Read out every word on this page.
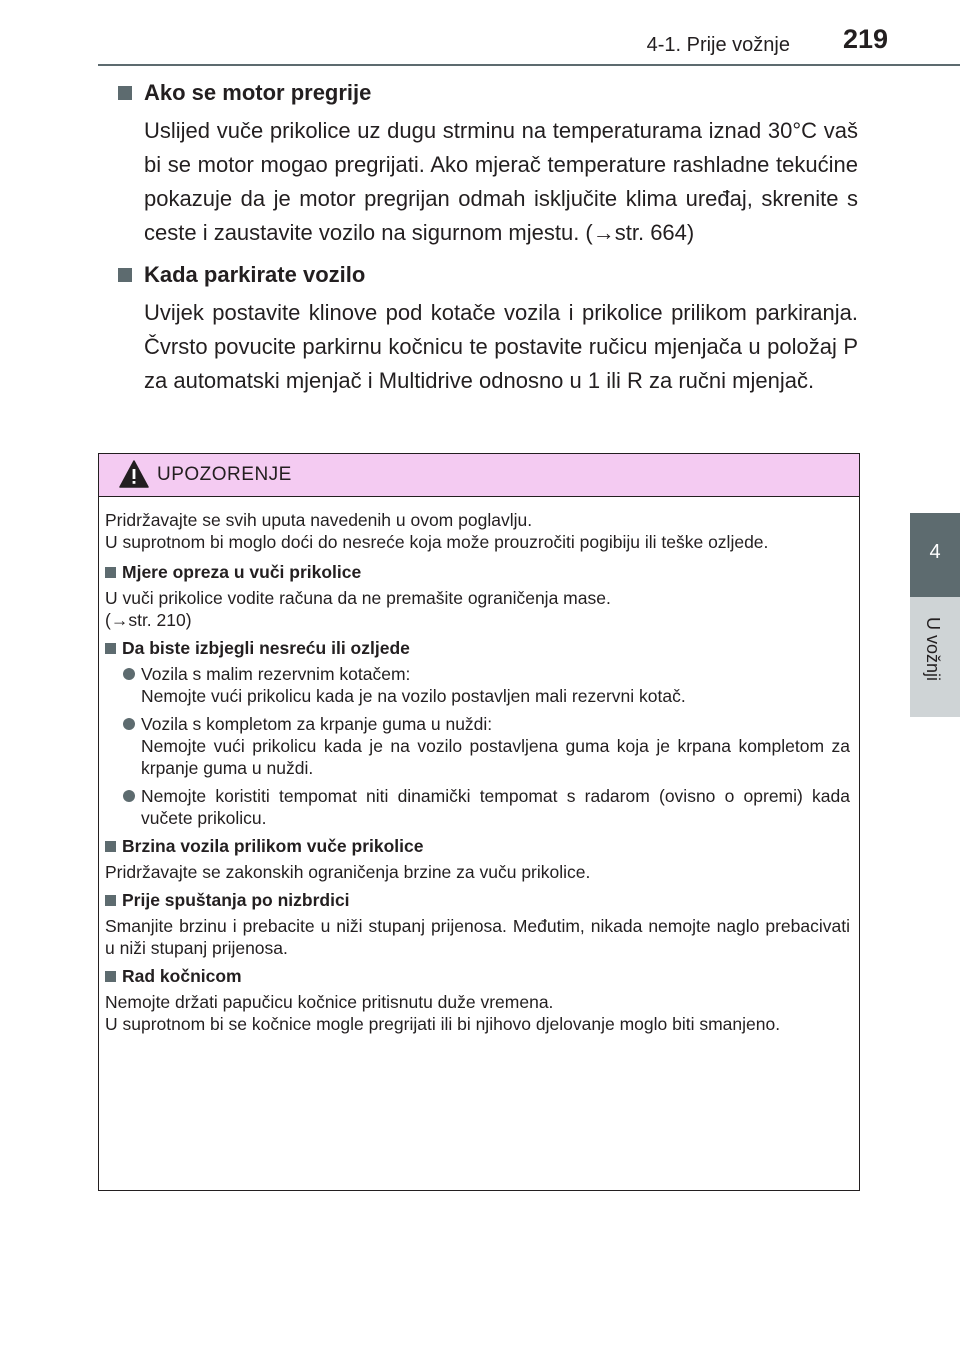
4-1. Prije vožnje 219
4
U vožnji
Ako se motor pregrije
Uslijed vuče prikolice uz dugu strminu na temperaturama iznad 30°C vaš bi se motor mogao pregrijati. Ako mjerač temperature rashladne tekućine pokazuje da je motor pregrijan odmah isključite klima uređaj, skrenite s ceste i zaustavite vozilo na sigurnom mjestu. (→str. 664)
Kada parkirate vozilo
Uvijek postavite klinove pod kotače vozila i prikolice prilikom parkiranja. Čvrsto povucite parkirnu kočnicu te postavite ručicu mjenjača u položaj P za automatski mjenjač i Multidrive odnosno u 1 ili R za ručni mjenjač.
UPOZORENJE

Pridržavajte se svih uputa navedenih u ovom poglavlju.
U suprotnom bi moglo doći do nesreće koja može prouzročiti pogibiju ili teške ozljede.

Mjere opreza u vuči prikolice

U vuči prikolice vodite računa da ne premašite ograničenja mase.
(→str. 210)

Da biste izbjegli nesreću ili ozljede
Vozila s malim rezervnim kotačem:
Nemojte vući prikolicu kada je na vozilo postavljen mali rezervni kotač.
Vozila s kompletom za krpanje guma u nuždi:
Nemojte vući prikolicu kada je na vozilo postavljena guma koja je krpana kompletom za krpanje guma u nuždi.
Nemojte koristiti tempomat niti dinamički tempomat s radarom (ovisno o opremi) kada vučete prikolicu.
Brzina vozila prilikom vuče prikolice

Pridržavajte se zakonskih ograničenja brzine za vuču prikolice.

Prije spuštanja po nizbrdici

Smanjite brzinu i prebacite u niži stupanj prijenosa. Međutim, nikada nemojte naglo prebacivati u niži stupanj prijenosa.

Rad kočnicom

Nemojte držati papučicu kočnice pritisnutu duže vremena.
U suprotnom bi se kočnice mogle pregrijati ili bi njihovo djelovanje moglo biti smanjeno.
